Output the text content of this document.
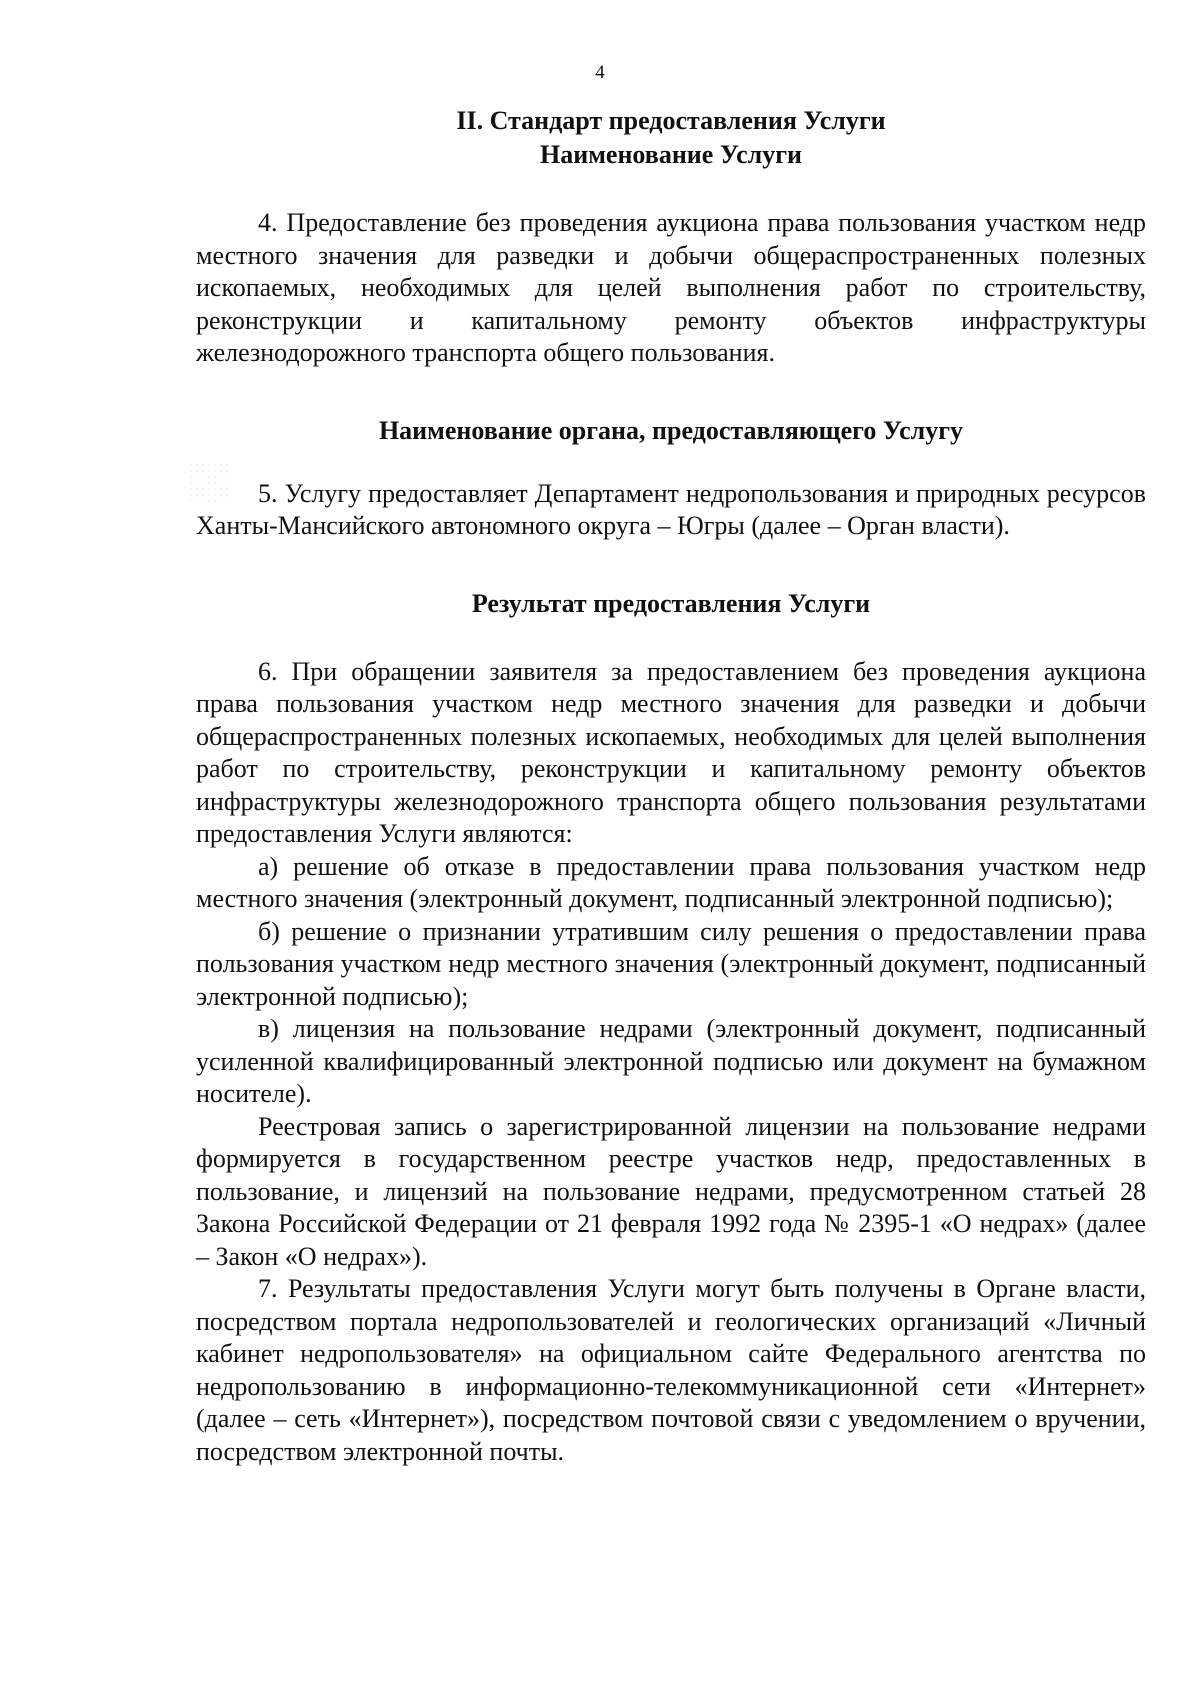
4
II. Стандарт предоставления Услуги
Наименование Услуги

4. Предоставление без проведения аукциона права пользования участком недр местного значения для разведки и добычи общераспространенных полезных ископаемых, необходимых для целей выполнения работ по строительству, реконструкции и капитальному ремонту объектов инфраструктуры железнодорожного транспорта общего пользования.

Наименование органа, предоставляющего Услугу

5. Услугу предоставляет Департамент недропользования и природных ресурсов Ханты-Мансийского автономного округа – Югры (далее – Орган власти).

Результат предоставления Услуги

6. При обращении заявителя за предоставлением без проведения аукциона права пользования участком недр местного значения для разведки и добычи общераспространенных полезных ископаемых, необходимых для целей выполнения работ по строительству, реконструкции и капитальному ремонту объектов инфраструктуры железнодорожного транспорта общего пользования результатами предоставления Услуги являются:

а) решение об отказе в предоставлении права пользования участком недр местного значения (электронный документ, подписанный электронной подписью);

б) решение о признании утратившим силу решения о предоставлении права пользования участком недр местного значения (электронный документ, подписанный электронной подписью);

в) лицензия на пользование недрами (электронный документ, подписанный усиленной квалифицированный электронной подписью или документ на бумажном носителе).

Реестровая запись о зарегистрированной лицензии на пользование недрами формируется в государственном реестре участков недр, предоставленных в пользование, и лицензий на пользование недрами, предусмотренном статьей 28 Закона Российской Федерации от 21 февраля 1992 года № 2395-1 «О недрах» (далее – Закон «О недрах»).

7. Результаты предоставления Услуги могут быть получены в Органе власти, посредством портала недропользователей и геологических организаций «Личный кабинет недропользователя» на официальном сайте Федерального агентства по недропользованию в информационно-телекоммуникационной сети «Интернет» (далее – сеть «Интернет»), посредством почтовой связи с уведомлением о вручении, посредством электронной почты.
